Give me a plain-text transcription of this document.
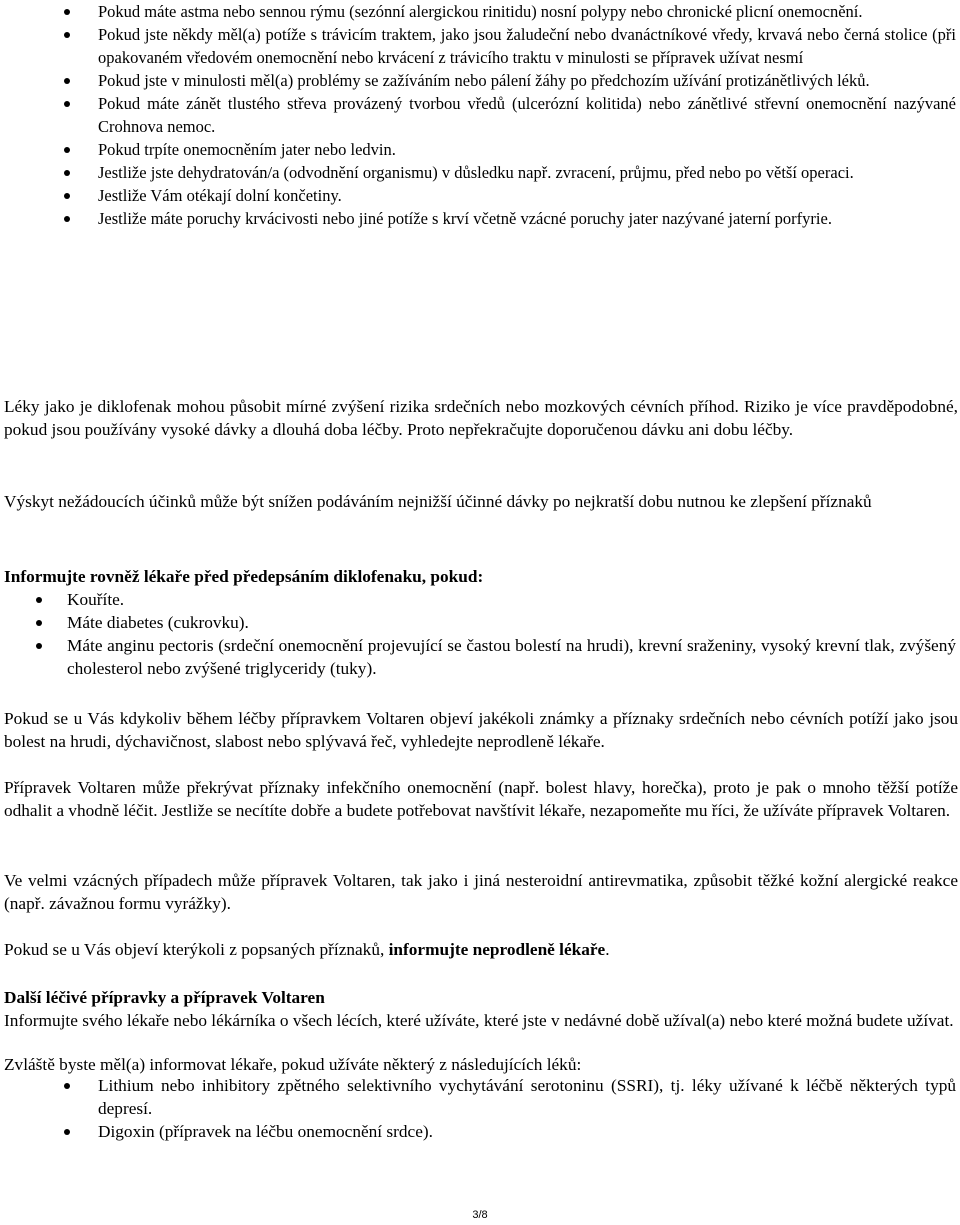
Pokud máte astma nebo sennou rýmu (sezónní alergickou rinitidu) nosní polypy nebo chronické plicní onemocnění.
Pokud jste někdy měl(a) potíže s trávicím traktem, jako jsou žaludeční nebo dvanáctníkové vředy, krvavá nebo černá stolice (při opakovaném vředovém onemocnění nebo krvácení z trávicího traktu v minulosti se přípravek užívat nesmí
Pokud jste v minulosti měl(a) problémy se zažíváním nebo pálení žáhy po předchozím užívání protizánětlivých léků.
Pokud máte zánět tlustého střeva provázený tvorbou vředů (ulcerózní kolitida) nebo zánětlivé střevní onemocnění nazývané Crohnova nemoc.
Pokud trpíte onemocněním jater nebo ledvin.
Jestliže jste dehydratován/a (odvodnění organismu) v důsledku např. zvracení, průjmu, před nebo po větší operaci.
Jestliže Vám otékají dolní končetiny.
Jestliže máte poruchy krvácivosti nebo jiné potíže s krví včetně vzácné poruchy jater nazývané jaterní porfyrie.

Léky jako je diklofenak mohou působit mírné zvýšení rizika srdečních nebo mozkových cévních příhod. Riziko je více pravděpodobné, pokud jsou používány vysoké dávky a dlouhá doba léčby. Proto nepřekračujte doporučenou dávku ani dobu léčby.

Výskyt nežádoucích účinků může být snížen podáváním nejnižší účinné dávky po nejkratší dobu nutnou ke zlepšení příznaků

Informujte rovněž lékaře před předepsáním diklofenaku, pokud:

Kouříte.
Máte diabetes (cukrovku).
Máte anginu pectoris (srdeční onemocnění projevující se častou bolestí na hrudi), krevní sraženiny, vysoký krevní tlak, zvýšený cholesterol nebo zvýšené triglyceridy (tuky).

Pokud se u Vás kdykoliv během léčby přípravkem Voltaren objeví jakékoli známky a příznaky srdečních nebo cévních potíží jako jsou bolest na hrudi, dýchavičnost, slabost nebo splývavá řeč, vyhledejte neprodleně lékaře.

Přípravek Voltaren může překrývat příznaky infekčního onemocnění (např. bolest hlavy, horečka), proto je pak o mnoho těžší potíže odhalit a vhodně léčit. Jestliže se necítíte dobře a budete potřebovat navštívit lékaře, nezapomeňte mu říci, že užíváte přípravek Voltaren.

Ve velmi vzácných případech může přípravek Voltaren, tak jako i jiná nesteroidní antirevmatika, způsobit těžké kožní alergické reakce (např. závažnou formu vyrážky).

Pokud se u Vás objeví kterýkoli z popsaných příznaků, informujte neprodleně lékaře.

Další léčivé přípravky a přípravek Voltaren

Informujte svého lékaře nebo lékárníka o všech lécích, které užíváte, které jste v nedávné době užíval(a) nebo které možná budete užívat.

Zvláště byste měl(a) informovat lékaře, pokud užíváte některý z následujících léků:

Lithium nebo inhibitory zpětného selektivního vychytávání serotoninu (SSRI), tj. léky užívané k léčbě některých typů depresí.
Digoxin (přípravek na léčbu onemocnění srdce).
3/8
